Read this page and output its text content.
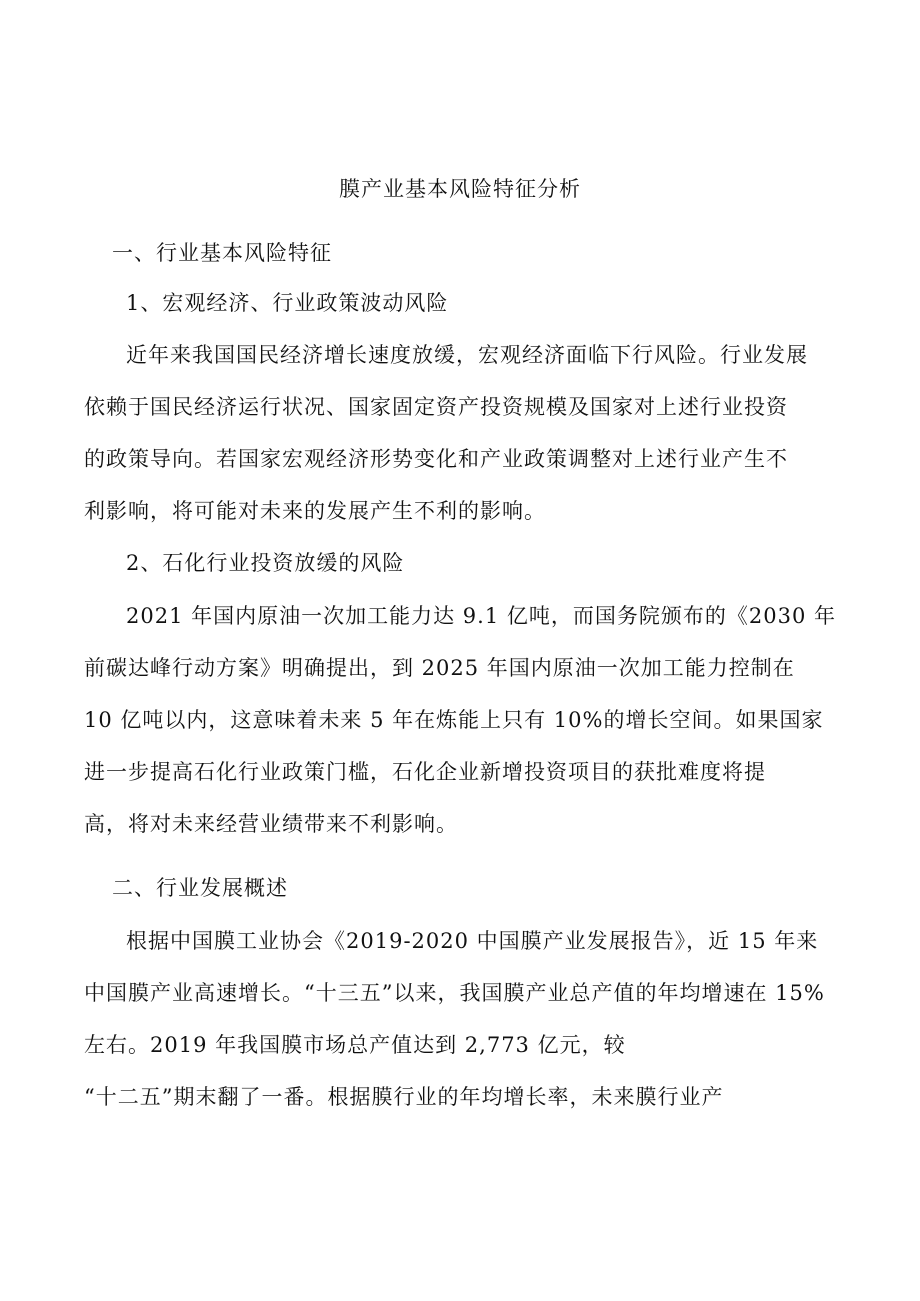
膜产业基本风险特征分析
一、行业基本风险特征
1、宏观经济、行业政策波动风险
近年来我国国民经济增长速度放缓，宏观经济面临下行风险。行业发展
依赖于国民经济运行状况、国家固定资产投资规模及国家对上述行业投资
的政策导向。若国家宏观经济形势变化和产业政策调整对上述行业产生不
利影响，将可能对未来的发展产生不利的影响。
2、石化行业投资放缓的风险
2021 年国内原油一次加工能力达 9.1 亿吨，而国务院颁布的《2030 年
前碳达峰行动方案》明确提出，到 2025 年国内原油一次加工能力控制在
10 亿吨以内，这意味着未来 5 年在炼能上只有 10%的增长空间。如果国家
进一步提高石化行业政策门槛，石化企业新增投资项目的获批难度将提
高，将对未来经营业绩带来不利影响。
二、行业发展概述
根据中国膜工业协会《2019-2020 中国膜产业发展报告》，近 15 年来
中国膜产业高速增长。“十三五”以来，我国膜产业总产值的年均增速在 15%
左右。2019 年我国膜市场总产值达到 2,773 亿元，较
“十二五”期末翻了一番。根据膜行业的年均增长率，未来膜行业产
